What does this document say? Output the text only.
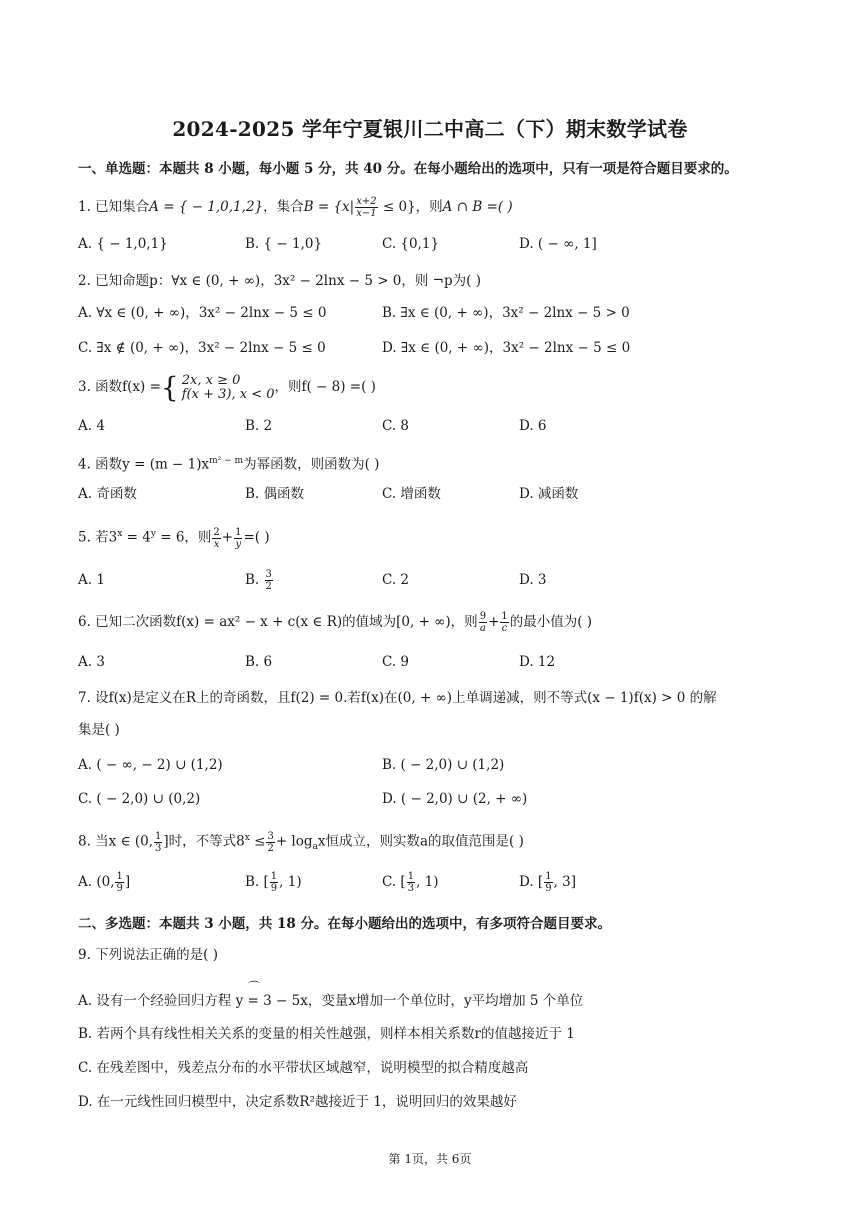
2024-2025 学年宁夏银川二中高二（下）期末数学试卷
一、单选题：本题共 8 小题，每小题 5 分，共 40 分。在每小题给出的选项中，只有一项是符合题目要求的。
1. 已知集合A = { − 1,0,1,2}，集合$B = \{x| \frac{x+2}{x-1} \le 0\}$，则A ∩ B =( )
A. { − 1,0,1}	B. { − 1,0}	C. {0,1}	D. ( − ∞, 1]
2. 已知命题p：∀x ∈ (0, + ∞)，3x² − 2lnx − 5 > 0，则 ¬p为( )
A. ∀x ∈ (0, + ∞)，3x² − 2lnx − 5 ≤ 0	B. ∃x ∈ (0, + ∞)，3x² − 2lnx − 5 > 0
C. ∃x ∉ (0, + ∞)，3x² − 2lnx − 5 ≤ 0	D. ∃x ∈ (0, + ∞)，3x² − 2lnx − 5 ≤ 0
3. 函数f(x) = { 2x, x ≥ 0
f(x + 3), x < 0 ，则f( − 8) =( )
A. 4	B. 2	C. 8	D. 6
4. 函数$y = (m - 1)x^{m^2 - m}$为幂函数，则函数为( )
A. 奇函数	B. 偶函数	C. 增函数	D. 减函数
5. 若$3^x = 4^y = 6$，则 $\frac{2}{x} + \frac{1}{y}$ =( )
A. 1	B. $\frac{3}{2}$	C. 2	D. 3
6. 已知二次函数f(x) = ax² − x + c(x ∈ R)的值域为[0, + ∞)，则 $\frac{9}{a} + \frac{1}{c}$ 的最小值为( )
A. 3	B. 6	C. 9	D. 12
7. 设f(x)是定义在R上的奇函数，且f(2) = 0.若f(x)在(0, + ∞)上单调递减，则不等式(x − 1)f(x) > 0 的解
集是( )
A. ( − ∞, − 2) ∪ (1,2)	B. ( − 2,0) ∪ (1,2)
C. ( − 2,0) ∪ (0,2)	D. ( − 2,0) ∪ (2, + ∞)
8. 当x ∈ (0, $\frac{1}{3}$ ]时，不等式$8^x \le \frac{3}{2} + \log_ax$恒成立，则实数a的取值范围是( )
A. (0, $\frac{1}{9}$ ]	B. [ $\frac{1}{9}$ , 1)	C. [ $\frac{1}{3}$ , 1)	D. [ $\frac{1}{9}$ , 3]
二、多选题：本题共 3 小题，共 18 分。在每小题给出的选项中，有多项符合题目要求。
9. 下列说法正确的是( )
⌒
A. 设有一个经验回归方程 y = 3 − 5x，变量x增加一个单位时，y平均增加 5 个单位
B. 若两个具有线性相关关系的变量的相关性越强，则样本相关系数r的值越接近于 1
C. 在残差图中，残差点分布的水平带状区域越窄，说明模型的拟合精度越高
D. 在一元线性回归模型中，决定系数R²越接近于 1，说明回归的效果越好
第 1页，共 6页
